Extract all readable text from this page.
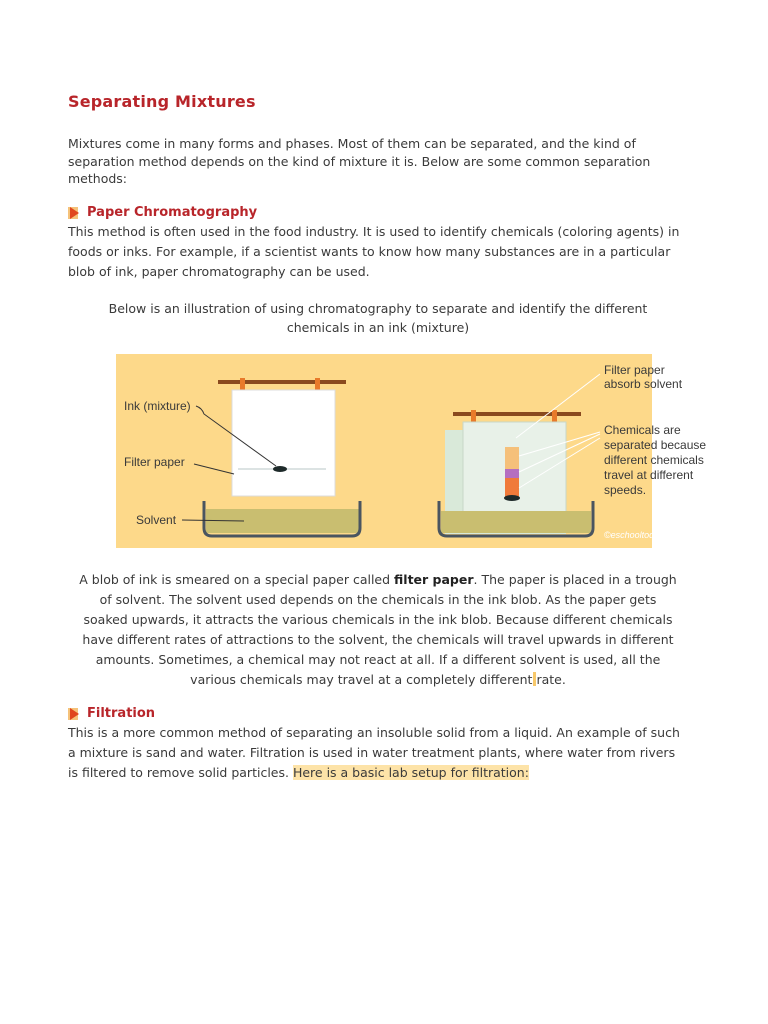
Separating Mixtures

Mixtures come in many forms and phases. Most of them can be separated, and the kind of separation method depends on the kind of mixture it is. Below are some common separation methods:

Paper Chromatography

This method is often used in the food industry. It is used to identify chemicals (coloring agents) in foods or inks. For example, if a scientist wants to know how many substances are in a particular blob of ink, paper chromatography can be used.

Below is an illustration of using chromatography to separate and identify the different chemicals in an ink (mixture)

Ink (mixture)
Filter paper
Solvent
Filter paper
absorb solvent
Chemicals are
separated because
different chemicals
travel at different
speeds.
©eschooltoday.com

A blob of ink is smeared on a special paper called filter paper. The paper is placed in a trough of solvent. The solvent used depends on the chemicals in the ink blob. As the paper gets soaked upwards, it attracts the various chemicals in the ink blob. Because different chemicals have different rates of attractions to the solvent, the chemicals will travel upwards in different amounts. Sometimes, a chemical may not react at all. If a different solvent is used, all the various chemicals may travel at a completely different rate.

Filtration

This is a more common method of separating an insoluble solid from a liquid. An example of such a mixture is sand and water. Filtration is used in water treatment plants, where water from rivers is filtered to remove solid particles. Here is a basic lab setup for filtration:
